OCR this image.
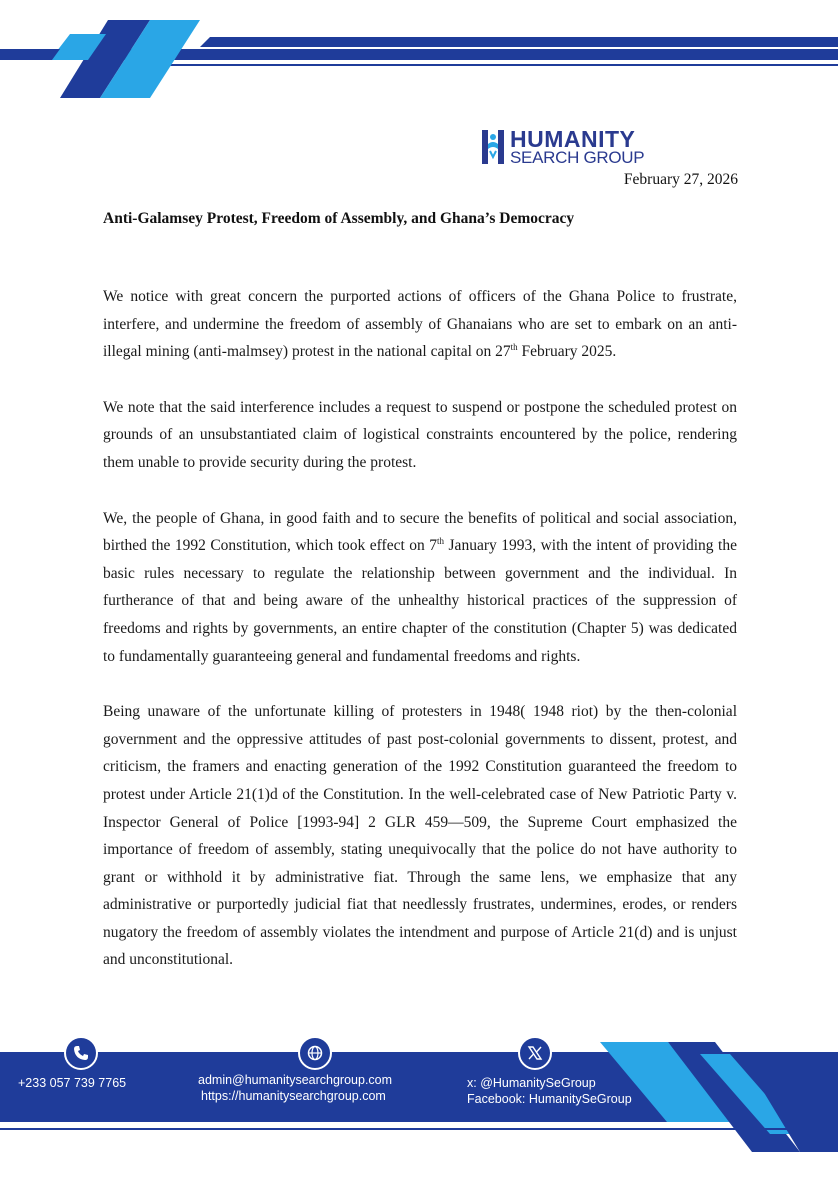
HUMANITY
SEARCH GROUP
February 27, 2026
Anti-Galamsey Protest, Freedom of Assembly, and Ghana’s Democracy

We notice with great concern the purported actions of officers of the Ghana Police to frustrate, interfere, and undermine the freedom of assembly of Ghanaians who are set to embark on an anti-illegal mining (anti-malmsey) protest in the national capital on 27th February 2025.

We note that the said interference includes a request to suspend or postpone the scheduled protest on grounds of an unsubstantiated claim of logistical constraints encountered by the police, rendering them unable to provide security during the protest.

We, the people of Ghana, in good faith and to secure the benefits of political and social association, birthed the 1992 Constitution, which took effect on 7th January 1993, with the intent of providing the basic rules necessary to regulate the relationship between government and the individual. In furtherance of that and being aware of the unhealthy historical practices of the suppression of freedoms and rights by governments, an entire chapter of the constitution (Chapter 5) was dedicated to fundamentally guaranteeing general and fundamental freedoms and rights.

Being unaware of the unfortunate killing of protesters in 1948( 1948 riot) by the then-colonial government and the oppressive attitudes of past post-colonial governments to dissent, protest, and criticism, the framers and enacting generation of the 1992 Constitution guaranteed the freedom to protest under Article 21(1)d of the Constitution. In the well-celebrated case of New Patriotic Party v. Inspector General of Police [1993-94] 2 GLR 459—509, the Supreme Court emphasized the importance of freedom of assembly, stating unequivocally that the police do not have authority to grant or withhold it by administrative fiat. Through the same lens, we emphasize that any administrative or purportedly judicial fiat that needlessly frustrates, undermines, erodes, or renders nugatory the freedom of assembly violates the intendment and purpose of Article 21(d) and is unjust and unconstitutional.

+233 057 739 7765	admin@humanitysearchgroup.com
https://humanitysearchgroup.com
x: @HumanitySeGroup
Facebook: HumanitySeGroup
